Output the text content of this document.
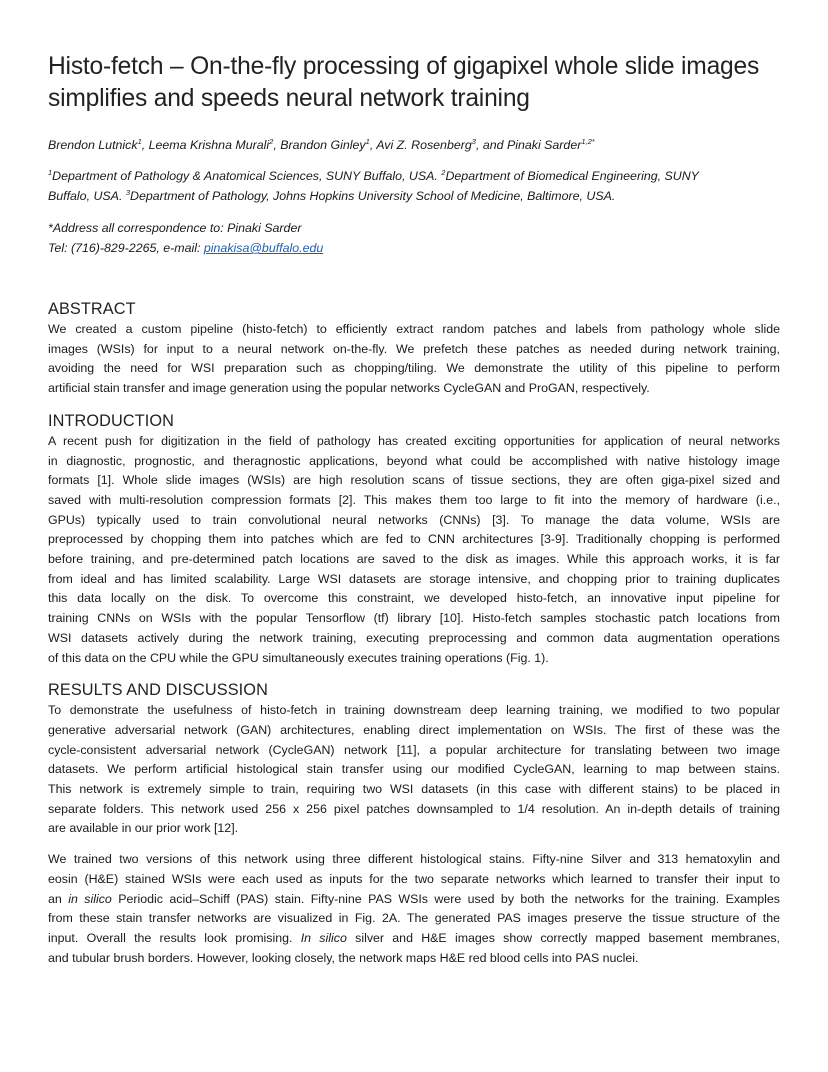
Histo-fetch – On-the-fly processing of gigapixel whole slide images
simplifies and speeds neural network training

Brendon Lutnick$^1$, Leema Krishna Murali$^2$, Brandon Ginley$^1$, Avi Z. Rosenberg$^3$, and Pinaki Sarder$^{1,2*}$

$^1$Department of Pathology & Anatomical Sciences, SUNY Buffalo, USA. $^2$Department of Biomedical Engineering, SUNY
Buffalo, USA. $^3$Department of Pathology, Johns Hopkins University School of Medicine, Baltimore, USA.

*Address all correspondence to: Pinaki Sarder
Tel: (716)-829-2265, e-mail: pinakisa@buffalo.edu

ABSTRACT

We created a custom pipeline (histo-fetch) to efficiently extract random patches and labels from pathology whole slide
images (WSIs) for input to a neural network on-the-fly. We prefetch these patches as needed during network training,
avoiding the need for WSI preparation such as chopping/tiling. We demonstrate the utility of this pipeline to perform
artificial stain transfer and image generation using the popular networks CycleGAN and ProGAN, respectively.

INTRODUCTION

A recent push for digitization in the field of pathology has created exciting opportunities for application of neural networks
in diagnostic, prognostic, and theragnostic applications, beyond what could be accomplished with native histology image
formats [1]. Whole slide images (WSIs) are high resolution scans of tissue sections, they are often giga-pixel sized and
saved with multi-resolution compression formats [2]. This makes them too large to fit into the memory of hardware (i.e.,
GPUs) typically used to train convolutional neural networks (CNNs) [3]. To manage the data volume, WSIs are
preprocessed by chopping them into patches which are fed to CNN architectures [3-9]. Traditionally chopping is performed
before training, and pre-determined patch locations are saved to the disk as images. While this approach works, it is far
from ideal and has limited scalability. Large WSI datasets are storage intensive, and chopping prior to training duplicates
this data locally on the disk. To overcome this constraint, we developed histo-fetch, an innovative input pipeline for
training CNNs on WSIs with the popular Tensorflow (tf) library [10]. Histo-fetch samples stochastic patch locations from
WSI datasets actively during the network training, executing preprocessing and common data augmentation operations
of this data on the CPU while the GPU simultaneously executes training operations (Fig. 1).

RESULTS AND DISCUSSION

To demonstrate the usefulness of histo-fetch in training downstream deep learning training, we modified to two popular
generative adversarial network (GAN) architectures, enabling direct implementation on WSIs. The first of these was the
cycle-consistent adversarial network (CycleGAN) network [11], a popular architecture for translating between two image
datasets. We perform artificial histological stain transfer using our modified CycleGAN, learning to map between stains.
This network is extremely simple to train, requiring two WSI datasets (in this case with different stains) to be placed in
separate folders. This network used 256 x 256 pixel patches downsampled to 1/4 resolution. An in-depth details of training
are available in our prior work [12].

We trained two versions of this network using three different histological stains. Fifty-nine Silver and 313 hematoxylin and
eosin (H&E) stained WSIs were each used as inputs for the two separate networks which learned to transfer their input to
an in silico Periodic acid–Schiff (PAS) stain. Fifty-nine PAS WSIs were used by both the networks for the training. Examples
from these stain transfer networks are visualized in Fig. 2A. The generated PAS images preserve the tissue structure of the
input. Overall the results look promising. In silico silver and H&E images show correctly mapped basement membranes,
and tubular brush borders. However, looking closely, the network maps H&E red blood cells into PAS nuclei.
